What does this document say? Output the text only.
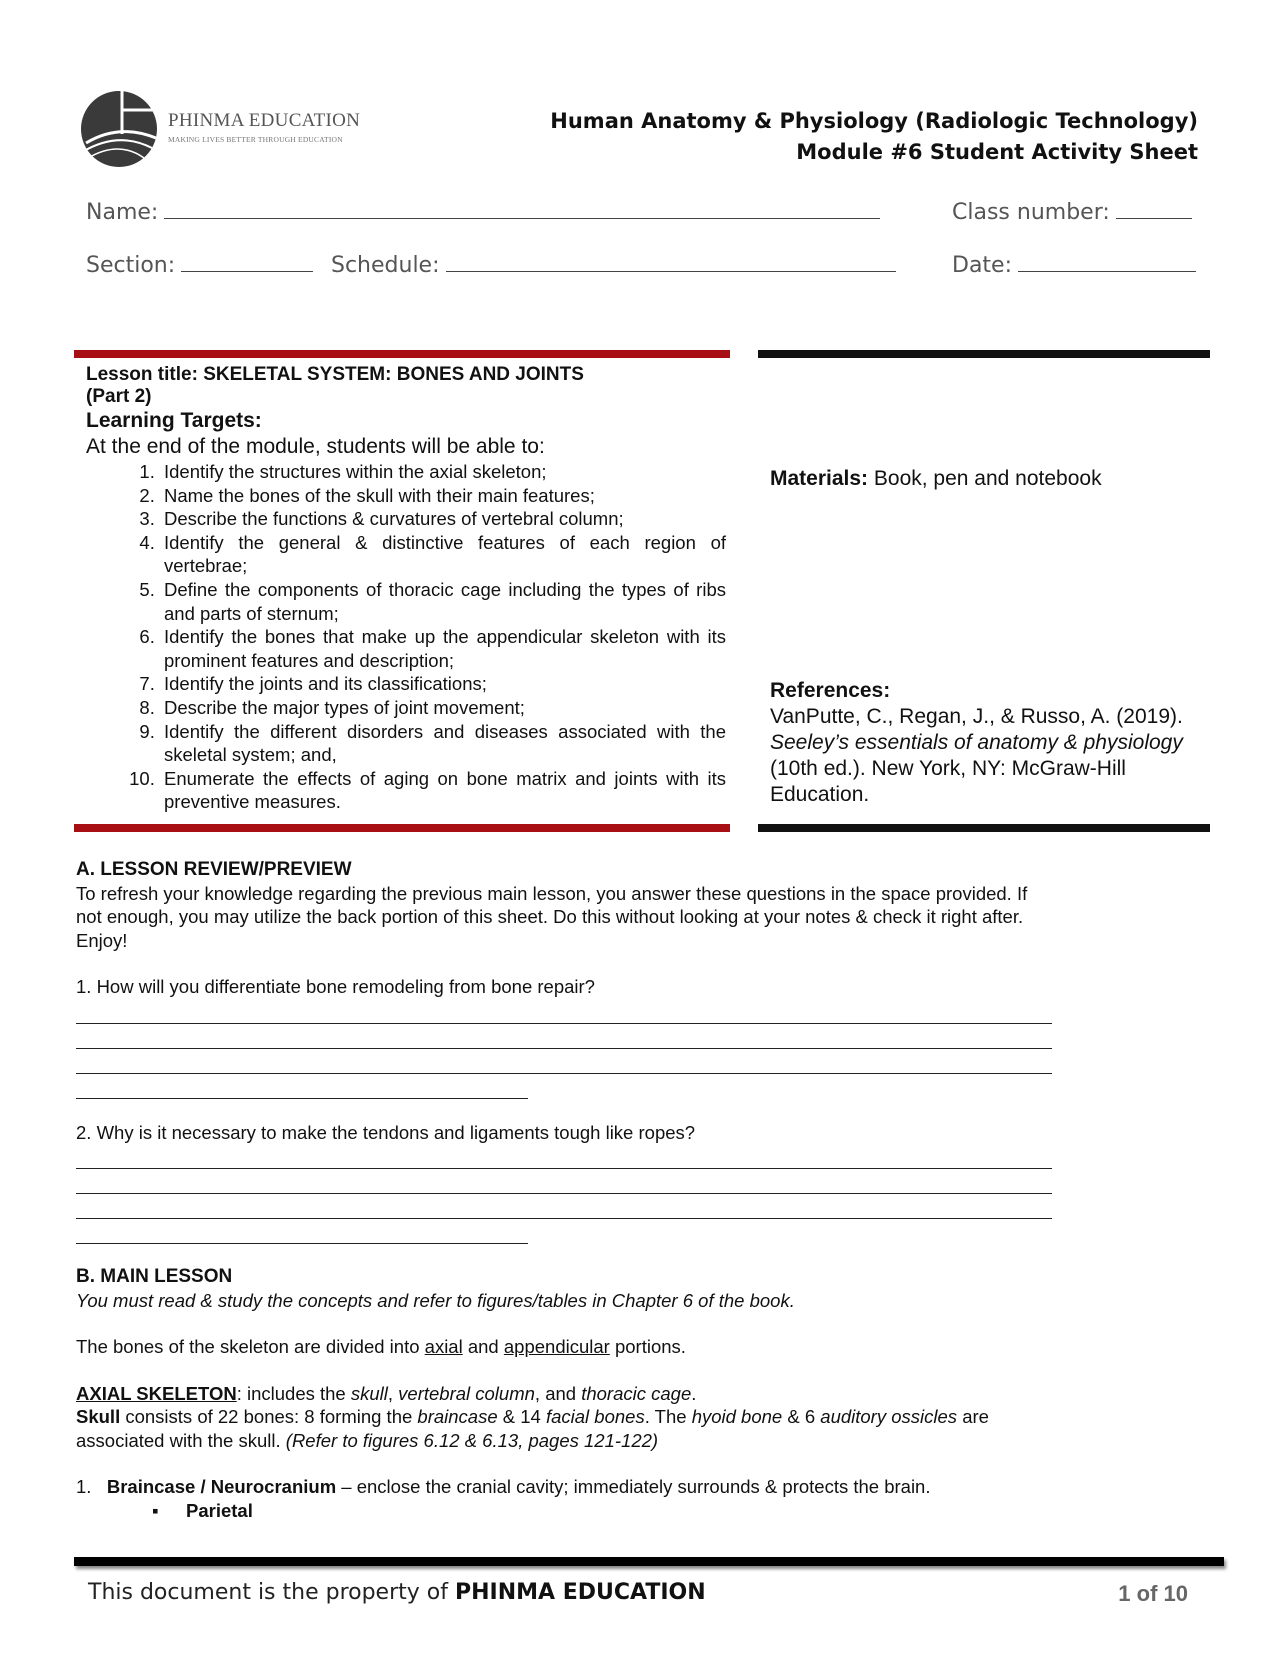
PHINMA EDUCATION
MAKING LIVES BETTER THROUGH EDUCATION
Human Anatomy & Physiology (Radiologic Technology)
Module #6 Student Activity Sheet
Name:	Class number:
Section:	Schedule:	Date:
Lesson title: SKELETAL SYSTEM: BONES AND JOINTS
(Part 2)
Learning Targets:
At the end of the module, students will be able to:
1. Identify the structures within the axial skeleton;
2. Name the bones of the skull with their main features;
3. Describe the functions & curvatures of vertebral column;
4. Identify the general & distinctive features of each region of vertebrae;
5. Define the components of thoracic cage including the types of ribs and parts of sternum;
6. Identify the bones that make up the appendicular skeleton with its prominent features and description;
7. Identify the joints and its classifications;
8. Describe the major types of joint movement;
9. Identify the different disorders and diseases associated with the skeletal system; and,
10. Enumerate the effects of aging on bone matrix and joints with its preventive measures.
Materials: Book, pen and notebook
References:
VanPutte, C., Regan, J., & Russo, A. (2019). Seeley’s essentials of anatomy & physiology (10th ed.). New York, NY: McGraw-Hill Education.
A. LESSON REVIEW/PREVIEW
To refresh your knowledge regarding the previous main lesson, you answer these questions in the space provided. If not enough, you may utilize the back portion of this sheet. Do this without looking at your notes & check it right after. Enjoy!
1. How will you differentiate bone remodeling from bone repair?
2. Why is it necessary to make the tendons and ligaments tough like ropes?
B. MAIN LESSON
You must read & study the concepts and refer to figures/tables in Chapter 6 of the book.
The bones of the skeleton are divided into axial and appendicular portions.
AXIAL SKELETON: includes the skull, vertebral column, and thoracic cage.
Skull consists of 22 bones: 8 forming the braincase & 14 facial bones. The hyoid bone & 6 auditory ossicles are associated with the skull. (Refer to figures 6.12 & 6.13, pages 121-122)
1. Braincase / Neurocranium – enclose the cranial cavity; immediately surrounds & protects the brain.
▪ Parietal
This document is the property of PHINMA EDUCATION	1 of 10
